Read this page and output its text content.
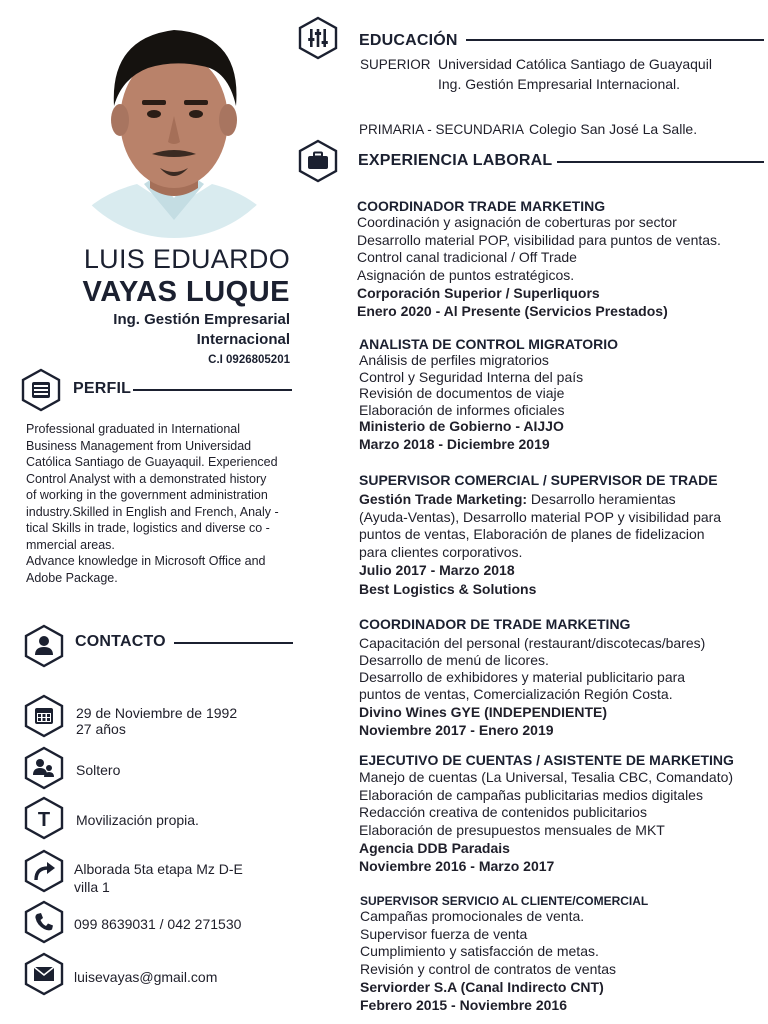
LUIS EDUARDO
VAYAS LUQUE
Ing. Gestión Empresarial
Internacional
C.I 0926805201
PERFIL
Professional graduated in International
Business Management from Universidad
Católica Santiago de Guayaquil. Experienced
Control Analyst with a demonstrated history
of working in the government administration
industry.Skilled in English and French, Analy -
tical Skills in trade, logistics and diverse co -
mmercial areas.
Advance knowledge in Microsoft Office and
Adobe Package.
CONTACTO
29 de Noviembre de 1992
27 años
Soltero
T Movilización propia.
Alborada 5ta etapa Mz D-E
villa 1
099 8639031 / 042 271530
luisevayas@gmail.com
EDUCACIÓN
SUPERIOR Universidad Católica Santiago de Guayaquil
Ing. Gestión Empresarial Internacional.
PRIMARIA - SECUNDARIA Colegio San José La Salle.
EXPERIENCIA LABORAL
COORDINADOR TRADE MARKETING
Coordinación y asignación de coberturas por sector
Desarrollo material POP, visibilidad para puntos de ventas.
Control canal tradicional / Off Trade
Asignación de puntos estratégicos.
Corporación Superior / Superliquors
Enero 2020 - Al Presente (Servicios Prestados)
ANALISTA DE CONTROL MIGRATORIO
Análisis de perfiles migratorios
Control y Seguridad Interna del país
Revisión de documentos de viaje
Elaboración de informes oficiales
Ministerio de Gobierno - AIJJO
Marzo 2018 - Diciembre 2019
SUPERVISOR COMERCIAL / SUPERVISOR DE TRADE
Gestión Trade Marketing: Desarrollo heramientas
(Ayuda-Ventas), Desarrollo material POP y visibilidad para
puntos de ventas, Elaboración de planes de fidelizacion
para clientes corporativos.
Julio 2017 - Marzo 2018
Best Logistics & Solutions
COORDINADOR DE TRADE MARKETING
Capacitación del personal (restaurant/discotecas/bares)
Desarrollo de menú de licores.
Desarrollo de exhibidores y material publicitario para
puntos de ventas, Comercialización Región Costa.
Divino Wines GYE (INDEPENDIENTE)
Noviembre 2017 - Enero 2019
EJECUTIVO DE CUENTAS / ASISTENTE DE MARKETING
Manejo de cuentas (La Universal, Tesalia CBC, Comandato)
Elaboración de campañas publicitarias medios digitales
Redacción creativa de contenidos publicitarios
Elaboración de presupuestos mensuales de MKT
Agencia DDB Paradais
Noviembre 2016 - Marzo 2017
SUPERVISOR SERVICIO AL CLIENTE/COMERCIAL
Campañas promocionales de venta.
Supervisor fuerza de venta
Cumplimiento y satisfacción de metas.
Revisión y control de contratos de ventas
Serviorder S.A (Canal Indirecto CNT)
Febrero 2015 - Noviembre 2016
